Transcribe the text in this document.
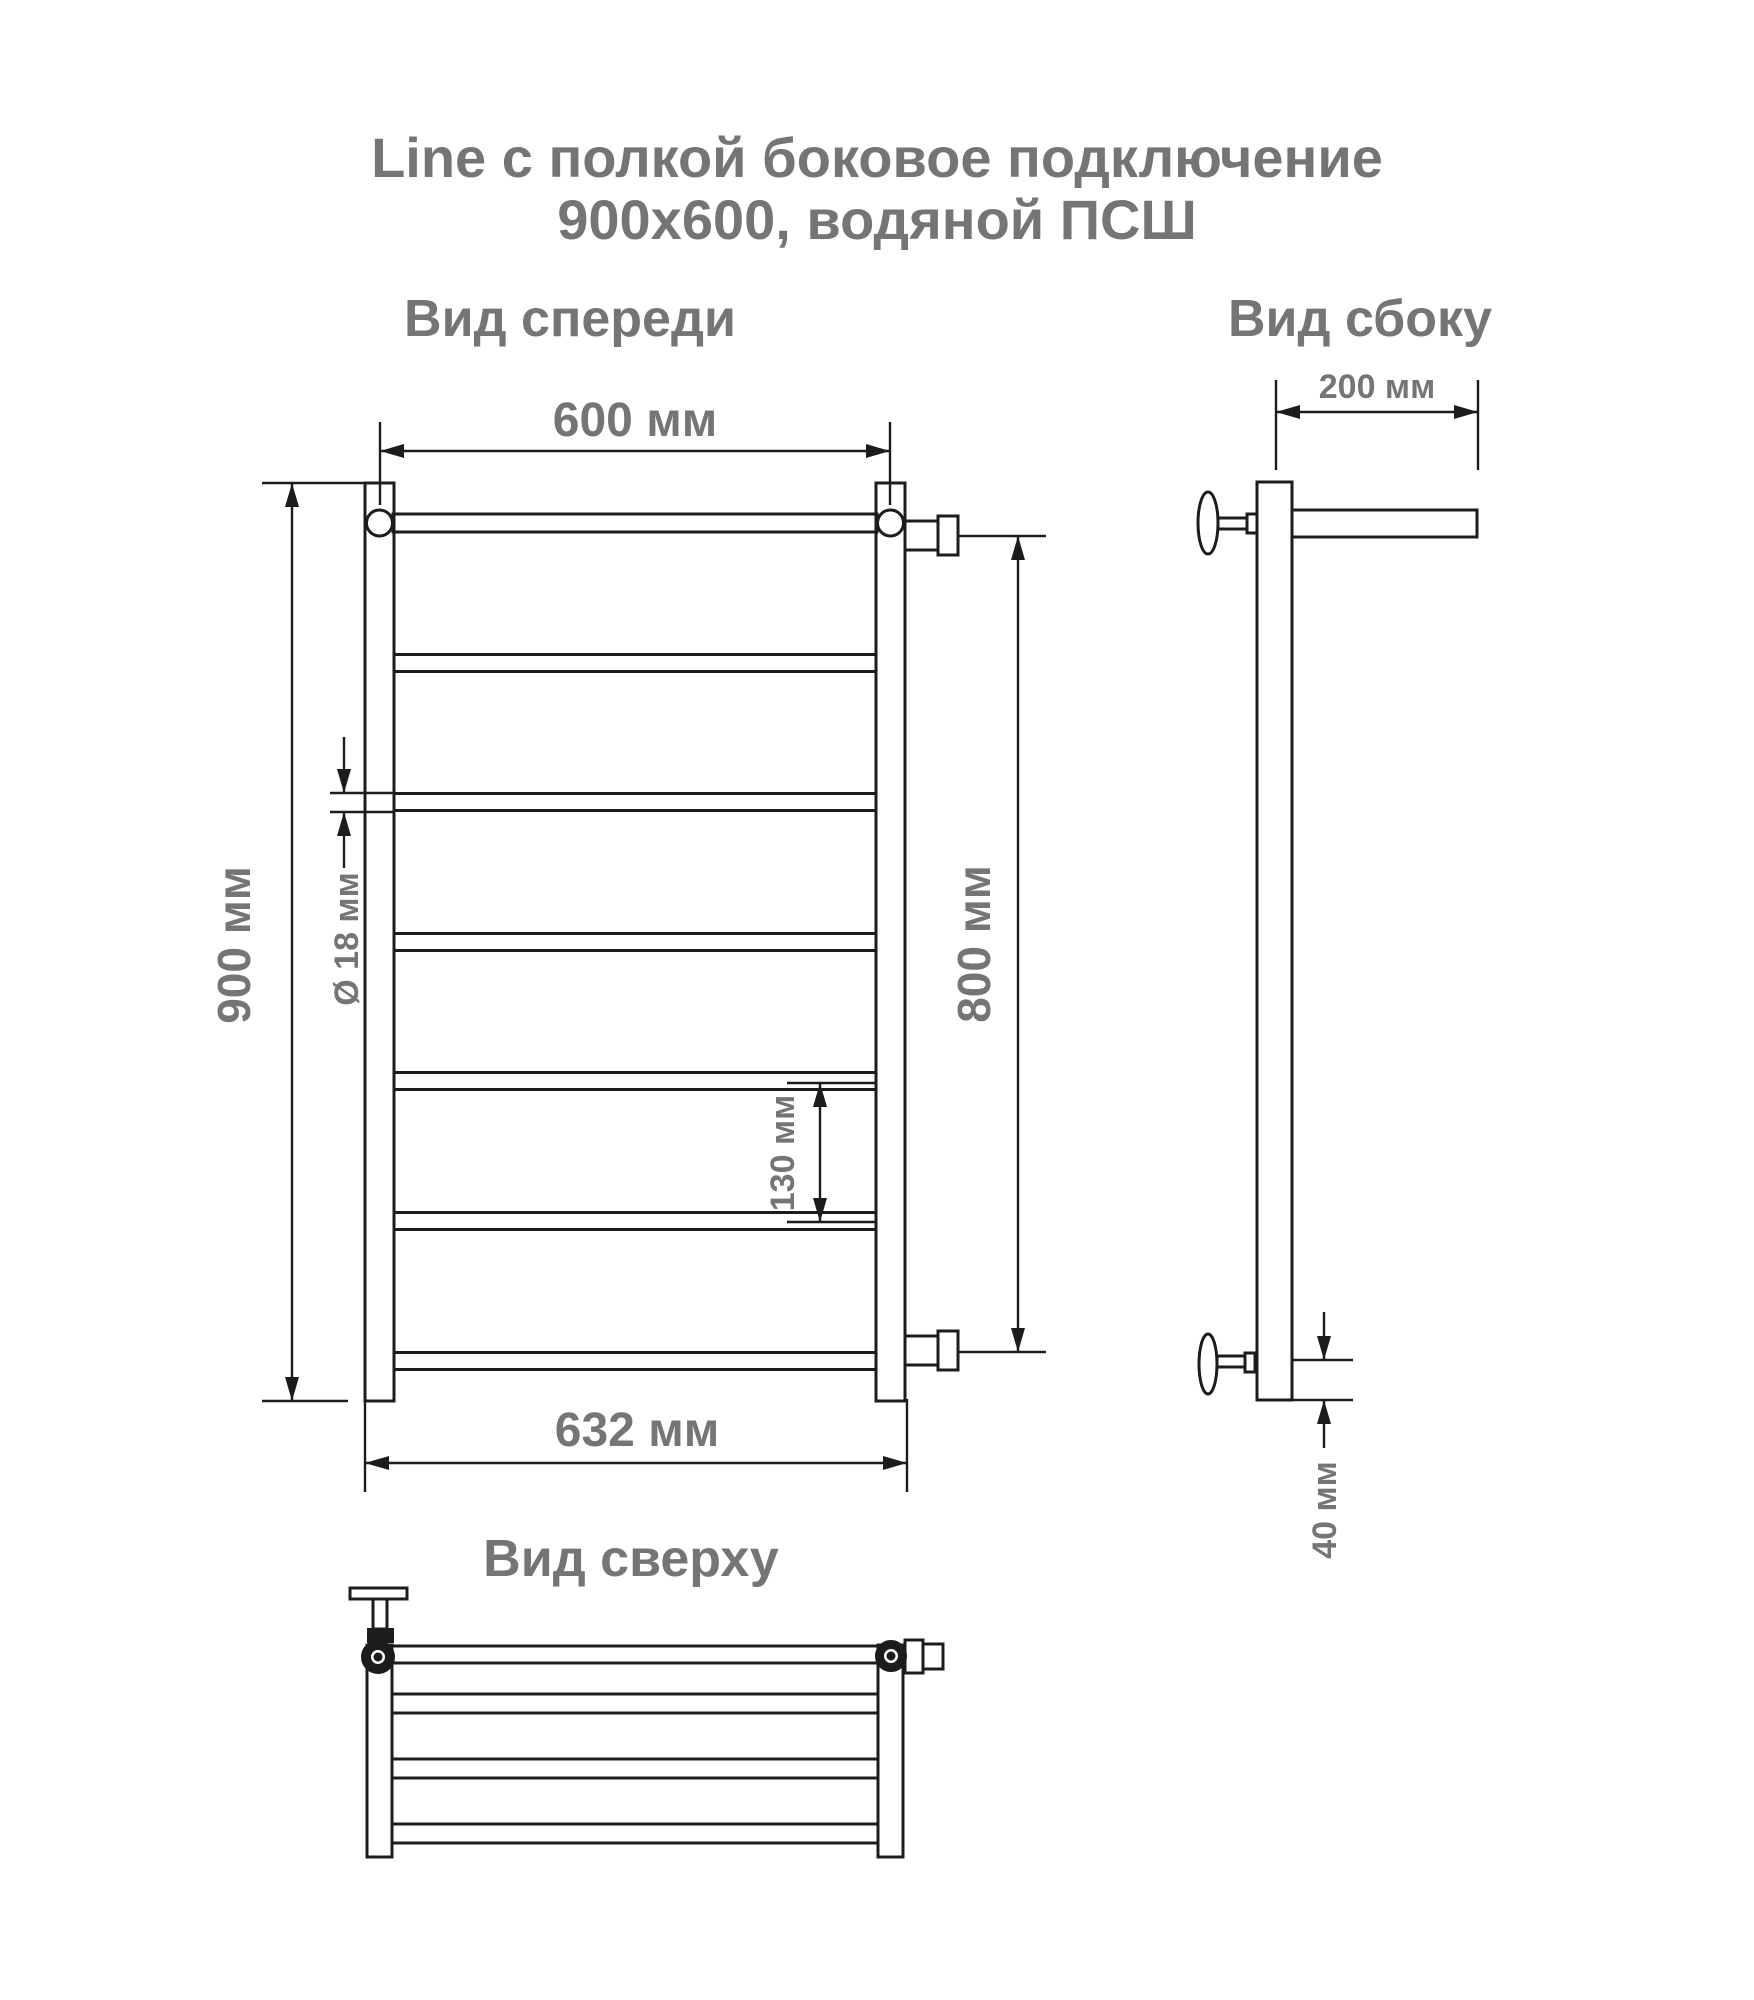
Line с полкой боковое подключение
900х600, водяной ПСШ
Вид спереди
600 мм
900 мм	800 мм
632 мм
Ø 18 мм
130 мм
Вид сбоку
200 мм
40 мм
Вид сверху
